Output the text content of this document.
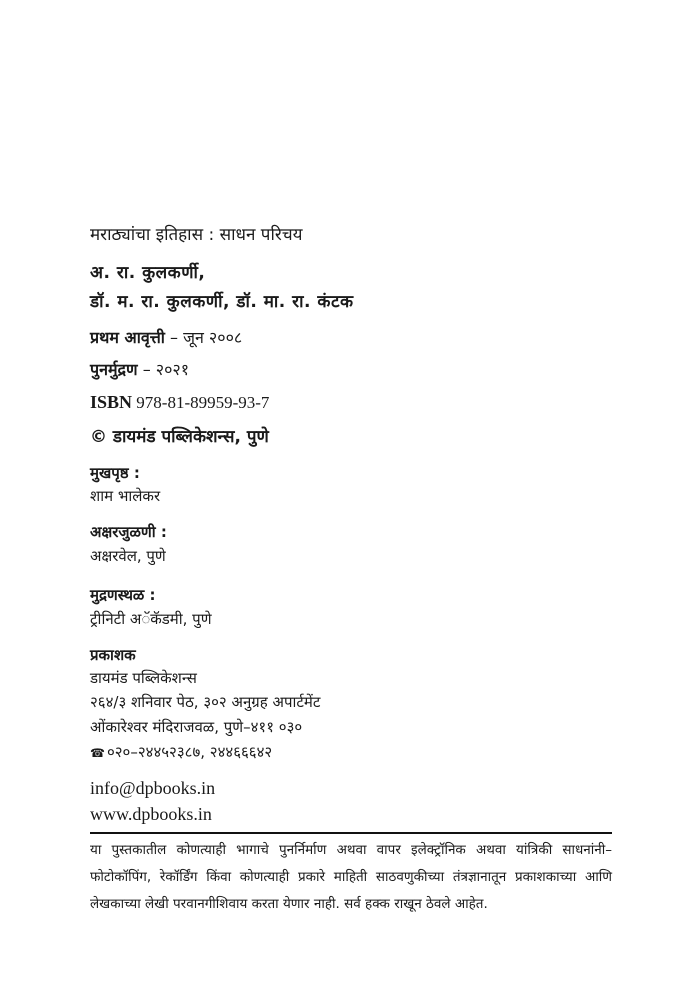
मराठ्यांचा इतिहास : साधन परिचय
अ. रा. कुलकर्णी,
डॉ. म. रा. कुलकर्णी, डॉ. मा. रा. कंटक
प्रथम आवृत्ती – जून २००८
पुनर्मुद्रण – २०२१
ISBN 978-81-89959-93-7
© डायमंड पब्लिकेशन्स, पुणे
मुखपृष्ठ :
शाम भालेकर
अक्षरजुळणी :
अक्षरवेल, पुणे
मुद्रणस्थळ :
ट्रीनिटी अॅकॅडमी, पुणे
प्रकाशक
डायमंड पब्लिकेशन्स
२६४/३ शनिवार पेठ, ३०२ अनुग्रह अपार्टमेंट
ओंकारेश्वर मंदिराजवळ, पुणे–४११ ०३०
☎ ०२०–२४४५२३८७, २४४६६६४२
info@dpbooks.in
www.dpbooks.in
या पुस्तकातील कोणत्याही भागाचे पुनर्निर्माण अथवा वापर इलेक्ट्रॉनिक अथवा यांत्रिकी साधनांनी– फोटोकॉपिंग, रेकॉर्डिंग किंवा कोणत्याही प्रकारे माहिती साठवणुकीच्या तंत्रज्ञानातून प्रकाशकाच्या आणि लेखकाच्या लेखी परवानगीशिवाय करता येणार नाही. सर्व हक्क राखून ठेवले आहेत.
